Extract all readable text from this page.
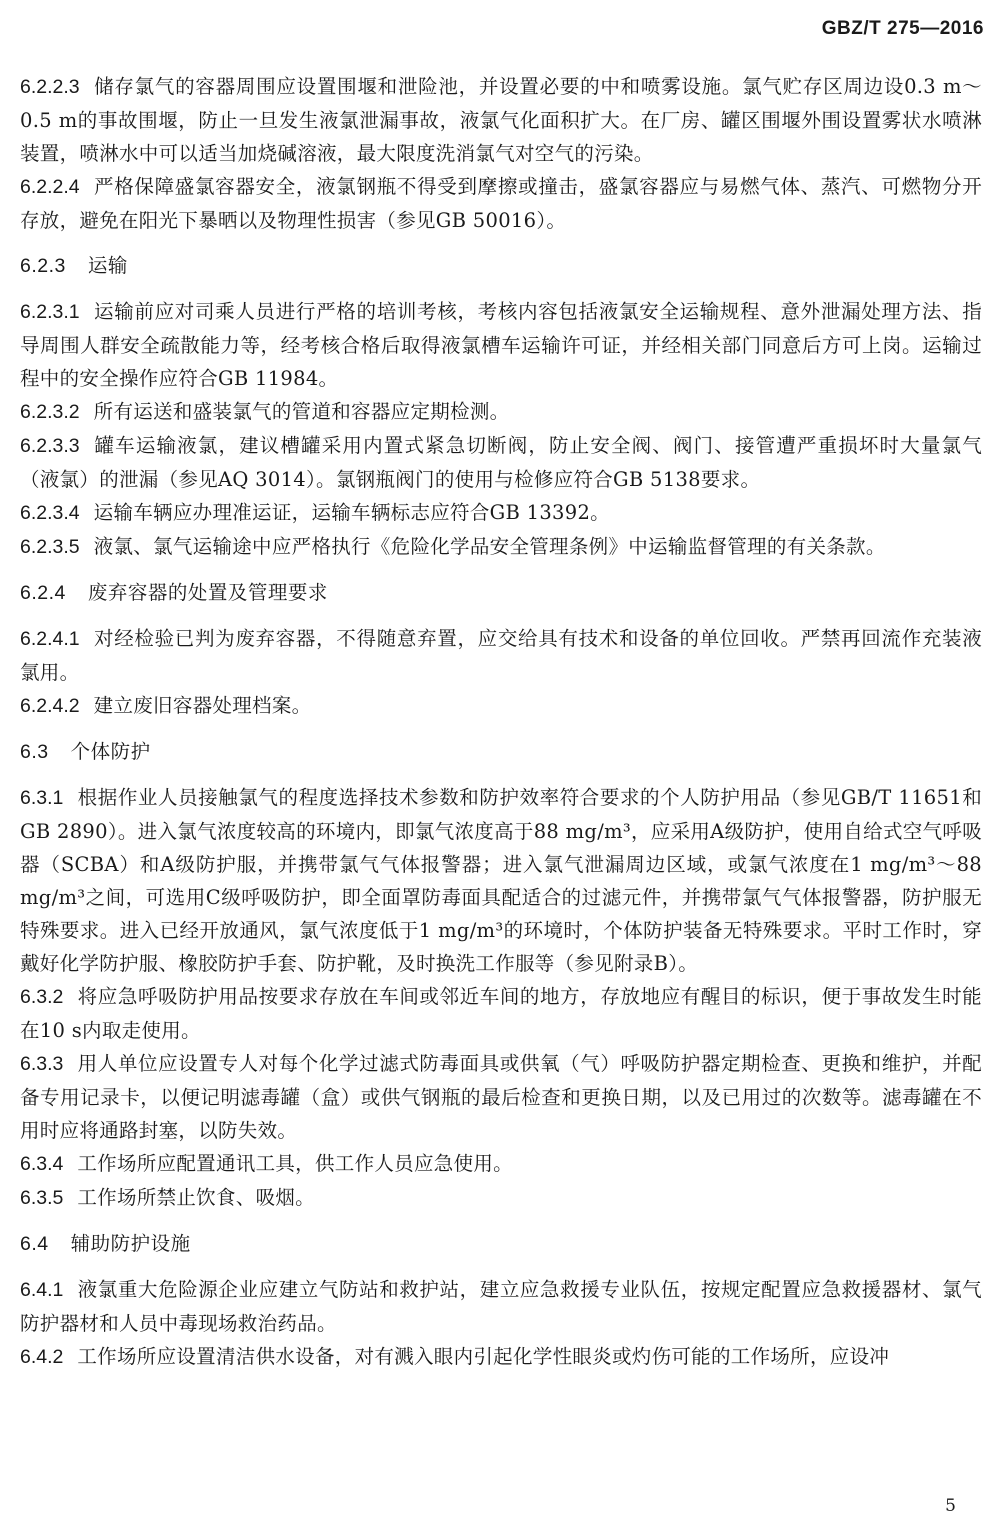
GBZ/T 275—2016

6.2.2.3 储存氯气的容器周围应设置围堰和泄险池，并设置必要的中和喷雾设施。氯气贮存区周边设0.3 m～0.5 m的事故围堰，防止一旦发生液氯泄漏事故，液氯气化面积扩大。在厂房、罐区围堰外围设置雾状水喷淋装置，喷淋水中可以适当加烧碱溶液，最大限度洗消氯气对空气的污染。

6.2.2.4 严格保障盛氯容器安全，液氯钢瓶不得受到摩擦或撞击，盛氯容器应与易燃气体、蒸汽、可燃物分开存放，避免在阳光下暴晒以及物理性损害（参见GB 50016）。

6.2.3 运输

6.2.3.1 运输前应对司乘人员进行严格的培训考核，考核内容包括液氯安全运输规程、意外泄漏处理方法、指导周围人群安全疏散能力等，经考核合格后取得液氯槽车运输许可证，并经相关部门同意后方可上岗。运输过程中的安全操作应符合GB 11984。

6.2.3.2 所有运送和盛装氯气的管道和容器应定期检测。

6.2.3.3 罐车运输液氯，建议槽罐采用内置式紧急切断阀，防止安全阀、阀门、接管遭严重损坏时大量氯气（液氯）的泄漏（参见AQ 3014）。氯钢瓶阀门的使用与检修应符合GB 5138要求。

6.2.3.4 运输车辆应办理准运证，运输车辆标志应符合GB 13392。

6.2.3.5 液氯、氯气运输途中应严格执行《危险化学品安全管理条例》中运输监督管理的有关条款。

6.2.4 废弃容器的处置及管理要求

6.2.4.1 对经检验已判为废弃容器，不得随意弃置，应交给具有技术和设备的单位回收。严禁再回流作充装液氯用。

6.2.4.2 建立废旧容器处理档案。

6.3 个体防护

6.3.1 根据作业人员接触氯气的程度选择技术参数和防护效率符合要求的个人防护用品（参见GB/T 11651和GB 2890）。进入氯气浓度较高的环境内，即氯气浓度高于88 mg/m³，应采用A级防护，使用自给式空气呼吸器（SCBA）和A级防护服，并携带氯气气体报警器；进入氯气泄漏周边区域，或氯气浓度在1 mg/m³～88 mg/m³之间，可选用C级呼吸防护，即全面罩防毒面具配适合的过滤元件，并携带氯气气体报警器，防护服无特殊要求。进入已经开放通风，氯气浓度低于1 mg/m³的环境时，个体防护装备无特殊要求。平时工作时，穿戴好化学防护服、橡胶防护手套、防护靴，及时换洗工作服等（参见附录B）。

6.3.2 将应急呼吸防护用品按要求存放在车间或邻近车间的地方，存放地应有醒目的标识，便于事故发生时能在10 s内取走使用。

6.3.3 用人单位应设置专人对每个化学过滤式防毒面具或供氧（气）呼吸防护器定期检查、更换和维护，并配备专用记录卡，以便记明滤毒罐（盒）或供气钢瓶的最后检查和更换日期，以及已用过的次数等。滤毒罐在不用时应将通路封塞，以防失效。

6.3.4 工作场所应配置通讯工具，供工作人员应急使用。

6.3.5 工作场所禁止饮食、吸烟。

6.4 辅助防护设施

6.4.1 液氯重大危险源企业应建立气防站和救护站，建立应急救援专业队伍，按规定配置应急救援器材、氯气防护器材和人员中毒现场救治药品。

6.4.2 工作场所应设置清洁供水设备，对有溅入眼内引起化学性眼炎或灼伤可能的工作场所，应设冲

5
